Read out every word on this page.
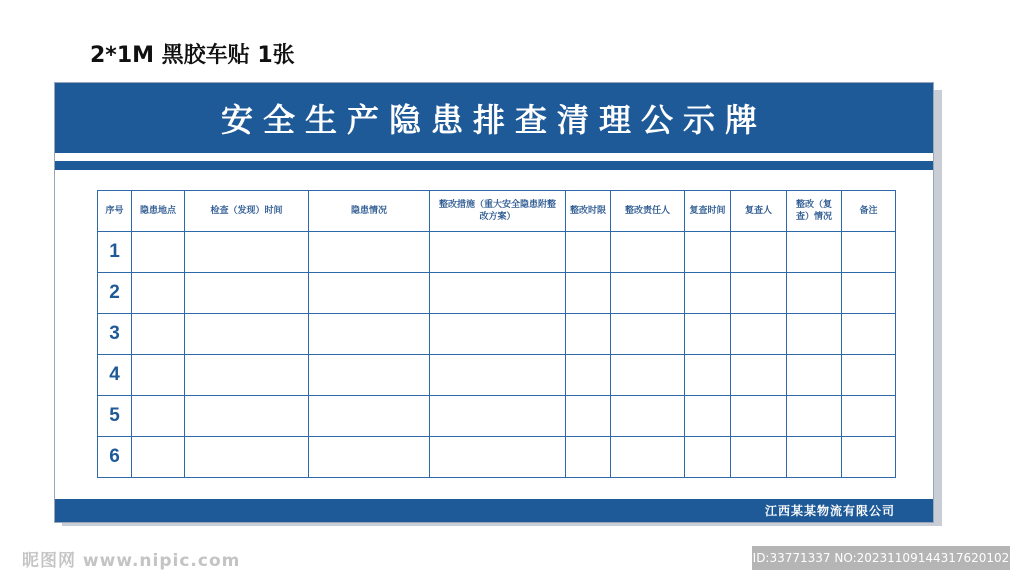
2*1M 黑胶车贴 1张
安全生产隐患排查清理公示牌
序号	隐患地点	检查（发现）时间	隐患情况	整改措施（重大安全隐患附整改方案）	整改时限	整改责任人	复查时间	复查人	整改（复查）情况	备注
1										
2										
3										
4										
5										
6										
江西某某物流有限公司
昵图网 www.nipic.com	ID:33771337 NO:20231109144317620102
